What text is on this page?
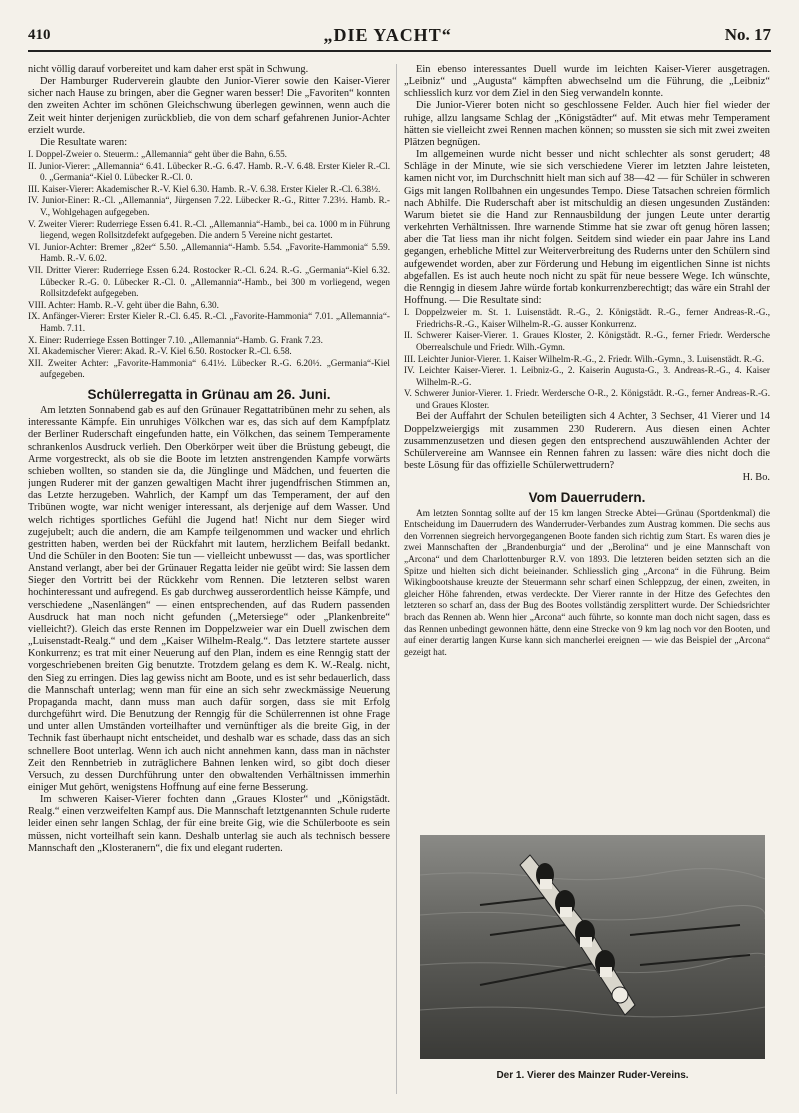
410	„DIE YACHT“	No. 17

nicht völlig darauf vorbereitet und kam daher erst spät in Schwung.

Der Hamburger Ruderverein glaubte den Junior-Vierer sowie den Kaiser-Vierer sicher nach Hause zu bringen, aber die Gegner waren besser! Die „Favoriten“ konnten den zweiten Achter im schönen Gleichschwung überlegen gewinnen, wenn auch die Zeit weit hinter derjenigen zurückblieb, die von dem scharf gefahrenen Junior-Achter erzielt wurde.

Die Resultate waren:

I. Doppel-Zweier o. Steuerm.: „Allemannia“ geht über die Bahn, 6.55.

II. Junior-Vierer: „Allemannia“ 6.41. Lübecker R.-G. 6.47. Hamb. R.-V. 6.48. Erster Kieler R.-Cl. 0. „Germania“-Kiel 0. Lübecker R.-Cl. 0.

III. Kaiser-Vierer: Akademischer R.-V. Kiel 6.30. Hamb. R.-V. 6.38. Erster Kieler R.-Cl. 6.38½.

IV. Junior-Einer: R.-Cl. „Allemannia“, Jürgensen 7.22. Lübecker R.-G., Ritter 7.23½. Hamb. R.-V., Wohlgehagen aufgegeben.

V. Zweiter Vierer: Ruderriege Essen 6.41. R.-Cl. „Allemannia“-Hamb., bei ca. 1000 m in Führung liegend, wegen Rollsitzdefekt aufgegeben. Die andern 5 Vereine nicht gestartet.

VI. Junior-Achter: Bremer „82er“ 5.50. „Allemannia“-Hamb. 5.54. „Favorite-Hammonia“ 5.59. Hamb. R.-V. 6.02.

VII. Dritter Vierer: Ruderriege Essen 6.24. Rostocker R.-Cl. 6.24. R.-G. „Germania“-Kiel 6.32. Lübecker R.-G. 0. Lübecker R.-Cl. 0. „Allemannia“-Hamb., bei 300 m vorliegend, wegen Rollsitzdefekt aufgegeben.

VIII. Achter: Hamb. R.-V. geht über die Bahn, 6.30.

IX. Anfänger-Vierer: Erster Kieler R.-Cl. 6.45. R.-Cl. „Favorite-Hammonia“ 7.01. „Allemannia“-Hamb. 7.11.

X. Einer: Ruderriege Essen Bottinger 7.10. „Allemannia“-Hamb. G. Frank 7.23.

XI. Akademischer Vierer: Akad. R.-V. Kiel 6.50. Rostocker R.-Cl. 6.58.

XII. Zweiter Achter: „Favorite-Hammonia“ 6.41½. Lübecker R.-G. 6.20½. „Germania“-Kiel aufgegeben.

Schülerregatta in Grünau am 26. Juni.

Am letzten Sonnabend gab es auf den Grünauer Regattatribünen mehr zu sehen, als interessante Kämpfe. Ein unruhiges Völkchen war es, das sich auf dem Kampfplatz der Berliner Ruderschaft eingefunden hatte, ein Völkchen, das seinem Temperamente schrankenlos Ausdruck verlieh. Den Oberkörper weit über die Brüstung gebeugt, die Arme vorgestreckt, als ob sie die Boote im letzten anstrengenden Kampfe vorwärts schieben wollten, so standen sie da, die Jünglinge und Mädchen, und feuerten die jungen Ruderer mit der ganzen gewaltigen Macht ihrer jugendfrischen Stimmen an, das Letzte herzugeben. Wahrlich, der Kampf um das Temperament, der auf den Tribünen wogte, war nicht weniger interessant, als derjenige auf dem Wasser. Und welch richtiges sportliches Gefühl die Jugend hat! Nicht nur dem Sieger wird zugejubelt; auch die andern, die am Kampfe teilgenommen und wacker und ehrlich gestritten haben, werden bei der Rückfahrt mit lautem, herzlichem Beifall bedankt. Und die Schüler in den Booten: Sie tun — vielleicht unbewusst — das, was sportlicher Anstand verlangt, aber bei der Grünauer Regatta leider nie geübt wird: Sie lassen dem Sieger den Vortritt bei der Rückkehr vom Rennen. Die letzteren selbst waren hochinteressant und aufregend. Es gab durchweg ausserordentlich heisse Kämpfe, und verschiedene „Nasenlängen“ — einen entsprechenden, auf das Rudern passenden Ausdruck hat man noch nicht gefunden („Metersiege“ oder „Plankenbreite“ vielleicht?). Gleich das erste Rennen im Doppelzweier war ein Duell zwischen dem „Luisenstadt-Realg.“ und dem „Kaiser Wilhelm-Realg.“. Das letztere startete ausser Konkurrenz; es trat mit einer Neuerung auf den Plan, indem es eine Renngig statt der vorgeschriebenen breiten Gig benutzte. Trotzdem gelang es dem K. W.-Realg. nicht, den Sieg zu erringen. Dies lag gewiss nicht am Boote, und es ist sehr bedauerlich, dass die Mannschaft unterlag; wenn man für eine an sich sehr zweckmässige Neuerung Propaganda macht, dann muss man auch dafür sorgen, dass sie mit Erfolg durchgeführt wird. Die Benutzung der Renngig für die Schülerrennen ist ohne Frage und unter allen Umständen vorteilhafter und vernünftiger als die breite Gig, in der Technik fast überhaupt nicht entscheidet, und deshalb war es schade, dass das an sich schnellere Boot unterlag. Wenn ich auch nicht annehmen kann, dass man in nächster Zeit den Rennbetrieb in zuträglichere Bahnen lenken wird, so gibt doch dieser Versuch, zu dessen Durchführung unter den obwaltenden Verhältnissen immerhin einiger Mut gehört, wenigstens Hoffnung auf eine ferne Besserung.

Im schweren Kaiser-Vierer fochten dann „Graues Kloster“ und „Königstädt. Realg.“ einen verzweifelten Kampf aus. Die Mannschaft letztgenannten Schule ruderte leider einen sehr langen Schlag, der für eine breite Gig, wie die Schülerboote es sein müssen, nicht vorteilhaft sein kann. Deshalb unterlag sie auch als technisch bessere Mannschaft den „Klosteranern“, die fix und elegant ruderten.

Ein ebenso interessantes Duell wurde im leichten Kaiser-Vierer ausgetragen. „Leibniz“ und „Augusta“ kämpften abwechselnd um die Führung, die „Leibniz“ schliesslich kurz vor dem Ziel in den Sieg verwandeln konnte.

Die Junior-Vierer boten nicht so geschlossene Felder. Auch hier fiel wieder der ruhige, allzu langsame Schlag der „Königstädter“ auf. Mit etwas mehr Temperament hätten sie vielleicht zwei Rennen machen können; so mussten sie sich mit zwei zweiten Plätzen begnügen.

Im allgemeinen wurde nicht besser und nicht schlechter als sonst gerudert; 48 Schläge in der Minute, wie sie sich verschiedene Vierer im letzten Jahre leisteten, kamen nicht vor, im Durchschnitt hielt man sich auf 38—42 — für Schüler in schweren Gigs mit langen Rollbahnen ein ungesundes Tempo. Diese Tatsachen schreien förmlich nach Abhilfe. Die Ruderschaft aber ist mitschuldig an diesen ungesunden Zuständen: Warum bietet sie die Hand zur Rennausbildung der jungen Leute unter derartig verkehrten Verhältnissen. Ihre warnende Stimme hat sie zwar oft genug hören lassen; aber die Tat liess man ihr nicht folgen. Seitdem sind wieder ein paar Jahre ins Land gegangen, erhebliche Mittel zur Weiterverbreitung des Ruderns unter den Schülern sind aufgewendet worden, aber zur Förderung und Hebung im eigentlichen Sinne ist nichts abgefallen. Es ist auch heute noch nicht zu spät für neue bessere Wege. Ich wünschte, die Renngig in diesem Jahre würde fortab konkurrenzberechtigt; das wäre ein Strahl der Hoffnung. — Die Resultate sind:

I. Doppelzweier m. St. 1. Luisenstädt. R.-G., 2. Königstädt. R.-G., ferner Andreas-R.-G., Friedrichs-R.-G., Kaiser Wilhelm-R.-G. ausser Konkurrenz.

II. Schwerer Kaiser-Vierer. 1. Graues Kloster, 2. Königstädt. R.-G., ferner Friedr. Werdersche Oberrealschule und Friedr. Wilh.-Gymn.

III. Leichter Junior-Vierer. 1. Kaiser Wilhelm-R.-G., 2. Friedr. Wilh.-Gymn., 3. Luisenstädt. R.-G.

IV. Leichter Kaiser-Vierer. 1. Leibniz-G., 2. Kaiserin Augusta-G., 3. Andreas-R.-G., 4. Kaiser Wilhelm-R.-G.

V. Schwerer Junior-Vierer. 1. Friedr. Werdersche O-R., 2. Königstädt. R.-G., ferner Andreas-R.-G. und Graues Kloster.

Bei der Auffahrt der Schulen beteiligten sich 4 Achter, 3 Sechser, 41 Vierer und 14 Doppelzweiergigs mit zusammen 230 Ruderern. Aus diesen einen Achter zusammenzusetzen und diesen gegen den entsprechend auszuwählenden Achter der Schülervereine am Wannsee ein Rennen fahren zu lassen: wäre dies nicht doch die beste Lösung für das offizielle Schülerwettrudern?

H. Bo.

Vom Dauerrudern.

Am letzten Sonntag sollte auf der 15 km langen Strecke Abtei—Grünau (Sportdenkmal) die Entscheidung im Dauerrudern des Wanderruder-Verbandes zum Austrag kommen. Die sechs aus den Vorrennen siegreich hervorgegangenen Boote fanden sich richtig zum Start. Es waren dies je zwei Mannschaften der „Brandenburgia“ und der „Berolina“ und je eine Mannschaft von „Arcona“ und dem Charlottenburger R.V. von 1893. Die letzteren beiden setzten sich an die Spitze und hielten sich dicht beieinander. Schliesslich ging „Arcona“ in die Führung. Beim Wikingbootshause kreuzte der Steuermann sehr scharf einen Schleppzug, der einen, zweiten, in gleicher Höhe fahrenden, etwas verdeckte. Der Vierer rannte in der Hitze des Gefechtes den letzteren so scharf an, dass der Bug des Bootes vollständig zersplittert wurde. Der Schiedsrichter brach das Rennen ab. Wenn hier „Arcona“ auch führte, so konnte man doch nicht sagen, dass es das Rennen unbedingt gewonnen hätte, denn eine Strecke von 9 km lag noch vor den Booten, und auf einer derartig langen Kurse kann sich mancherlei ereignen — wie das Beispiel der „Arcona“ gezeigt hat.

Der 1. Vierer des Mainzer Ruder-Vereins.
